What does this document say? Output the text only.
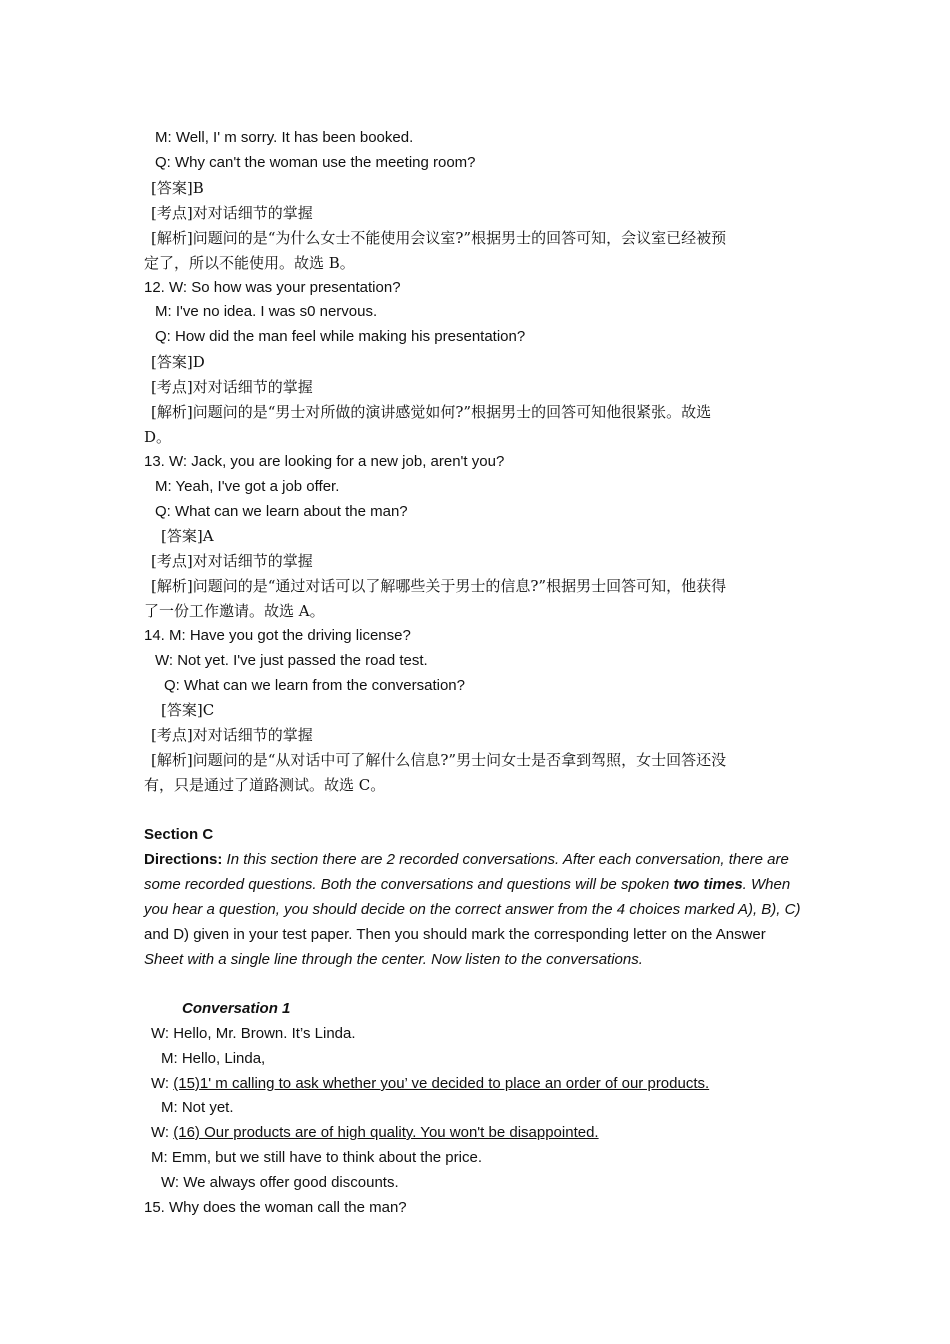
M: Well, I' m sorry. It has been booked.
Q: Why can't the woman use the meeting room?
[答案]B
[考点]对对话细节的掌握
[解析]问题问的是“为什么女士不能使用会议室?”根据男士的回答可知，会议室已经被预
定了，所以不能使用。故选 B。
12. W: So how was your presentation?
M: I've no idea. I was s0 nervous.
Q: How did the man feel while making his presentation?
[答案]D
[考点]对对话细节的掌握
[解析]问题问的是“男士对所做的演讲感觉如何?”根据男士的回答可知他很紧张。故选
D。
13. W: Jack, you are looking for a new job, aren't you?
M: Yeah, I've got a job offer.
Q: What can we learn about the man?
[答案]A
[考点]对对话细节的掌握
[解析]问题问的是“通过对话可以了解哪些关于男士的信息?”根据男士回答可知，他获得
了一份工作邀请。故选 A。
14. M: Have you got the driving license?
W: Not yet. I've just passed the road test.
Q: What can we learn from the conversation?
[答案]C
[考点]对对话细节的掌握
[解析]问题问的是“从对话中可了解什么信息?”男士问女士是否拿到驾照，女士回答还没
有，只是通过了道路测试。故选 C。
Section C
Directions: In this section there are 2 recorded conversations. After each conversation, there are
some recorded questions. Both the conversations and questions will be spoken two times. When
you hear a question, you should decide on the correct answer from the 4 choices marked A), B), C)
and D) given in your test paper. Then you should mark the corresponding letter on the Answer
Sheet with a single line through the center. Now listen to the conversations.
Conversation 1
W: Hello, Mr. Brown. It’s Linda.
M: Hello, Linda,
W: (15)1' m calling to ask whether you’ ve decided to place an order of our products.
M: Not yet.
W: (16) Our products are of high quality. You won't be disappointed.
M: Emm, but we still have to think about the price.
W: We always offer good discounts.
15. Why does the woman call the man?
